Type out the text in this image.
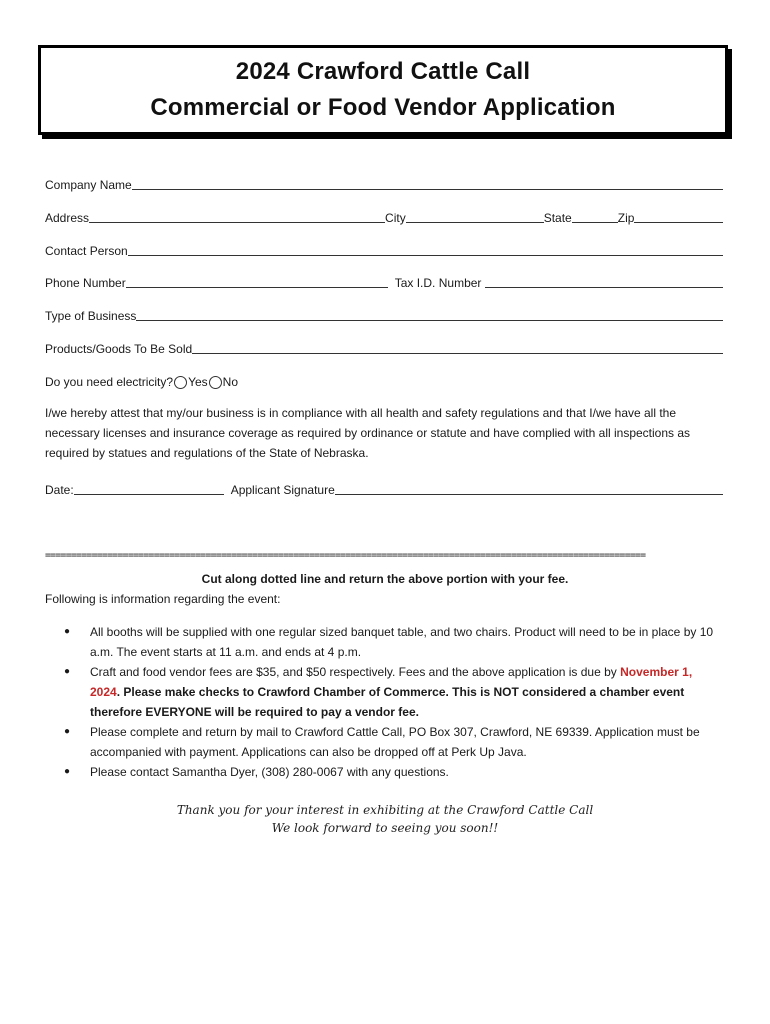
2024 Crawford Cattle Call
Commercial or Food Vendor Application
Company Name
Address	City	State	Zip
Contact Person
Phone Number	Tax I.D. Number
Type of Business
Products/Goods To Be Sold
Do you need electricity? Yes No
I/we hereby attest that my/our business is in compliance with all health and safety regulations and that I/we have all the necessary licenses and insurance coverage as required by ordinance or statute and have complied with all inspections as required by statues and regulations of the State of Nebraska.
Date:	Applicant Signature
====================================================================================================================
Cut along dotted line and return the above portion with your fee.
Following is information regarding the event:
● All booths will be supplied with one regular sized banquet table, and two chairs. Product will need to be in place by 10 a.m. The event starts at 11 a.m. and ends at 4 p.m.
● Craft and food vendor fees are $35, and $50 respectively. Fees and the above application is due by November 1, 2024. Please make checks to Crawford Chamber of Commerce. This is NOT considered a chamber event therefore EVERYONE will be required to pay a vendor fee.
● Please complete and return by mail to Crawford Cattle Call, PO Box 307, Crawford, NE 69339. Application must be accompanied with payment. Applications can also be dropped off at Perk Up Java.
● Please contact Samantha Dyer, (308) 280-0067 with any questions.
Thank you for your interest in exhibiting at the Crawford Cattle Call
We look forward to seeing you soon!!
